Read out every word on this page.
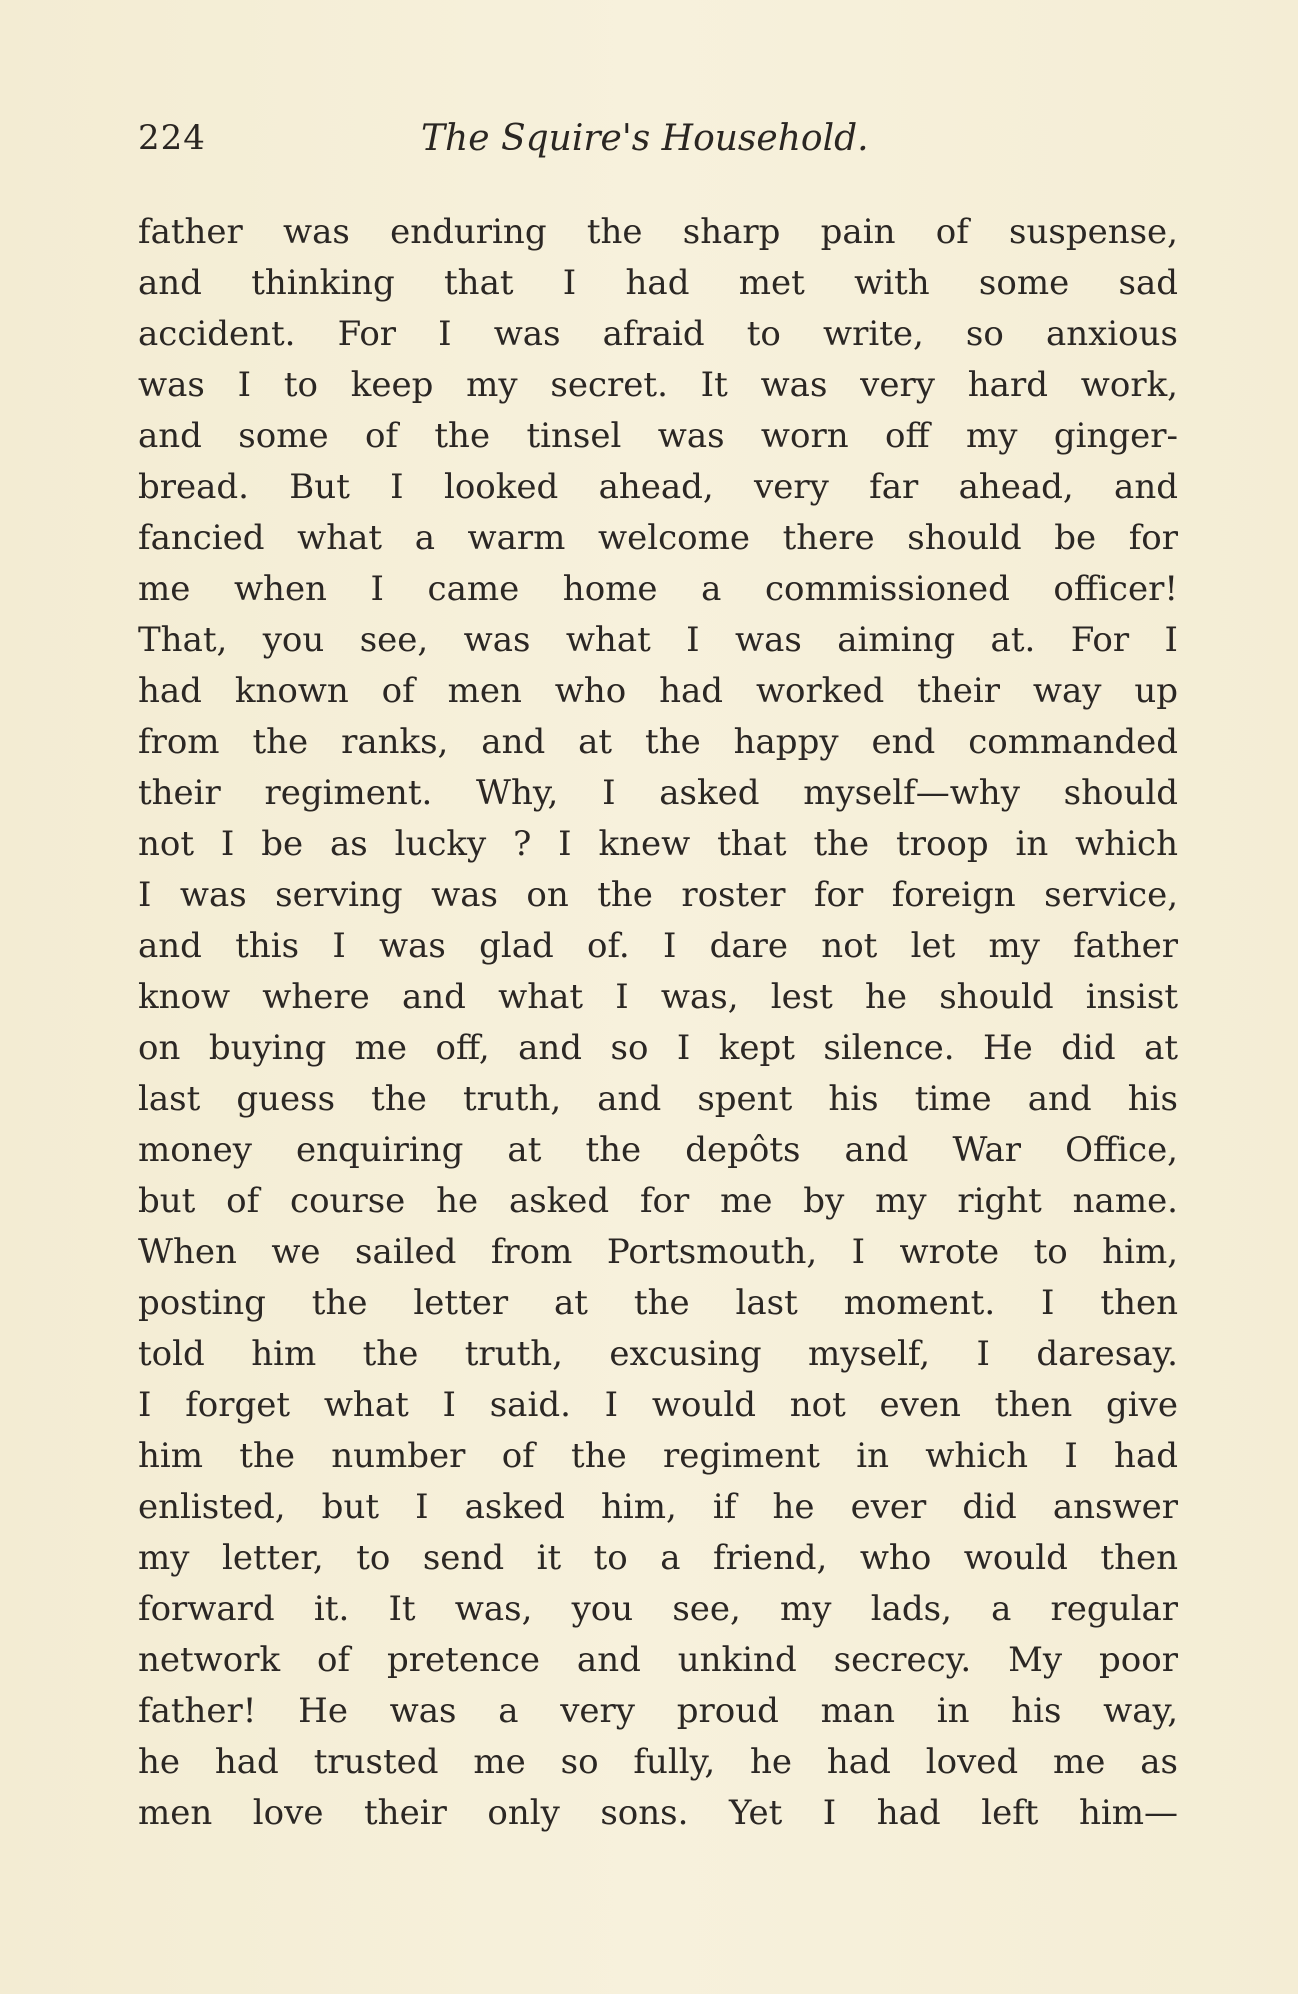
224	The Squire's Household.
father was enduring the sharp pain of suspense,
and thinking that I had met with some sad
accident. For I was afraid to write, so anxious
was I to keep my secret. It was very hard work,
and some of the tinsel was worn off my ginger-
bread. But I looked ahead, very far ahead, and
fancied what a warm welcome there should be for
me when I came home a commissioned officer!
That, you see, was what I was aiming at. For I
had known of men who had worked their way up
from the ranks, and at the happy end commanded
their regiment. Why, I asked myself—why should
not I be as lucky ? I knew that the troop in which
I was serving was on the roster for foreign service,
and this I was glad of. I dare not let my father
know where and what I was, lest he should insist
on buying me off, and so I kept silence. He did at
last guess the truth, and spent his time and his
money enquiring at the depôts and War Office,
but of course he asked for me by my right name.
When we sailed from Portsmouth, I wrote to him,
posting the letter at the last moment. I then
told him the truth, excusing myself, I daresay.
I forget what I said. I would not even then give
him the number of the regiment in which I had
enlisted, but I asked him, if he ever did answer
my letter, to send it to a friend, who would then
forward it. It was, you see, my lads, a regular
network of pretence and unkind secrecy. My poor
father! He was a very proud man in his way,
he had trusted me so fully, he had loved me as
men love their only sons. Yet I had left him—
